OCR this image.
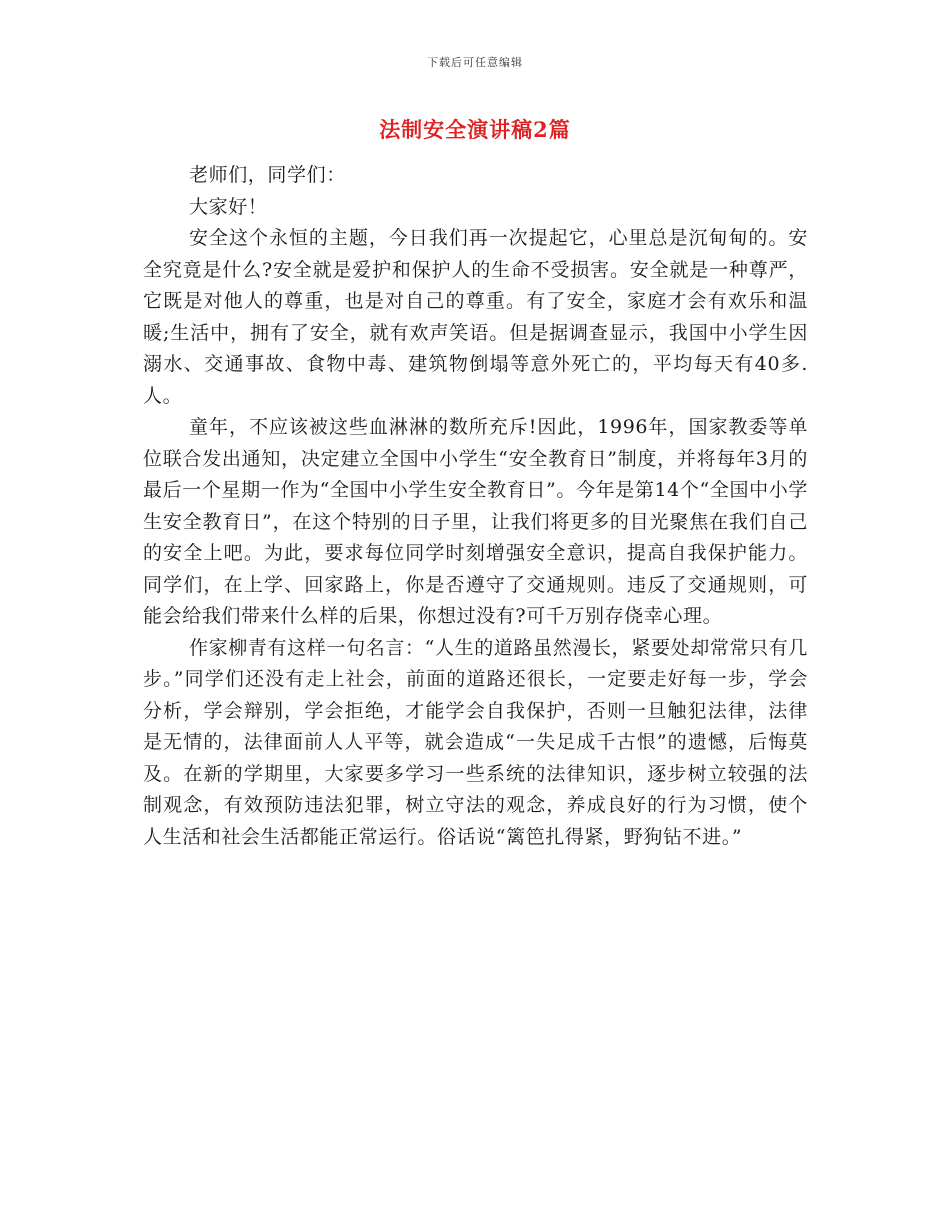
下载后可任意编辑
法制安全演讲稿2篇

老师们，同学们：

大家好！

安全这个永恒的主题，今日我们再一次提起它，心里总是沉甸甸的。安全究竟是什么?安全就是爱护和保护人的生命不受损害。安全就是一种尊严，它既是对他人的尊重，也是对自己的尊重。有了安全，家庭才会有欢乐和温暖;生活中，拥有了安全，就有欢声笑语。但是据调查显示，我国中小学生因溺水、交通事故、食物中毒、建筑物倒塌等意外死亡的，平均每天有40多.人。

童年，不应该被这些血淋淋的数所充斥!因此，1996年，国家教委等单位联合发出通知，决定建立全国中小学生“安全教育日”制度，并将每年3月的最后一个星期一作为“全国中小学生安全教育日”。今年是第14个“全国中小学生安全教育日”，在这个特别的日子里，让我们将更多的目光聚焦在我们自己的安全上吧。为此，要求每位同学时刻增强安全意识，提高自我保护能力。同学们，在上学、回家路上，你是否遵守了交通规则。违反了交通规则，可能会给我们带来什么样的后果，你想过没有?可千万别存侥幸心理。

作家柳青有这样一句名言：“人生的道路虽然漫长，紧要处却常常只有几步。”同学们还没有走上社会，前面的道路还很长，一定要走好每一步，学会分析，学会辩别，学会拒绝，才能学会自我保护，否则一旦触犯法律，法律是无情的，法律面前人人平等，就会造成“一失足成千古恨”的遗憾，后悔莫及。在新的学期里，大家要多学习一些系统的法律知识，逐步树立较强的法制观念，有效预防违法犯罪，树立守法的观念，养成良好的行为习惯，使个人生活和社会生活都能正常运行。俗话说“篱笆扎得紧，野狗钻不进。”
